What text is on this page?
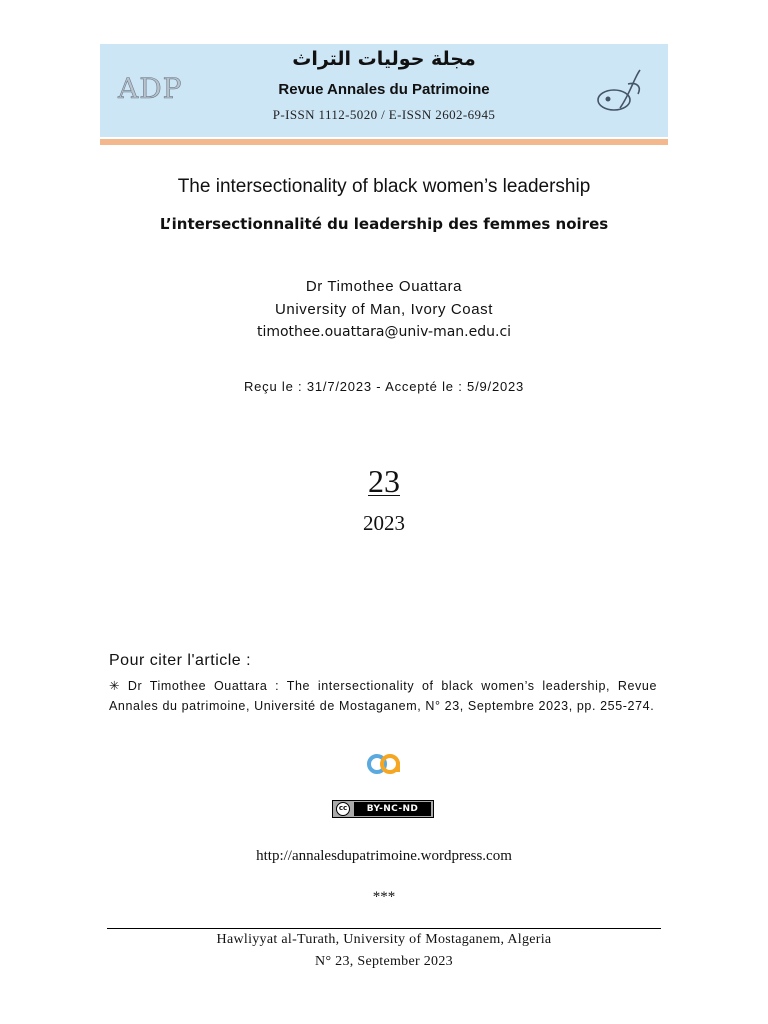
ADP
مجلة حوليات التراث
Revue Annales du Patrimoine
P-ISSN 1112-5020 / E-ISSN 2602-6945
The intersectionality of black women’s leadership
L’intersectionnalité du leadership des femmes noires
Dr Timothee Ouattara
University of Man, Ivory Coast
timothee.ouattara@univ-man.edu.ci
Reçu le : 31/7/2023 - Accepté le : 5/9/2023
23
2023
Pour citer l'article :
✳ Dr Timothee Ouattara : The intersectionality of black women’s leadership, Revue Annales du patrimoine, Université de Mostaganem, N° 23, Septembre 2023, pp. 255-274.
cc	BY-NC-ND
http://annalesdupatrimoine.wordpress.com
***
Hawliyyat al-Turath, University of Mostaganem, Algeria
N° 23, September 2023
